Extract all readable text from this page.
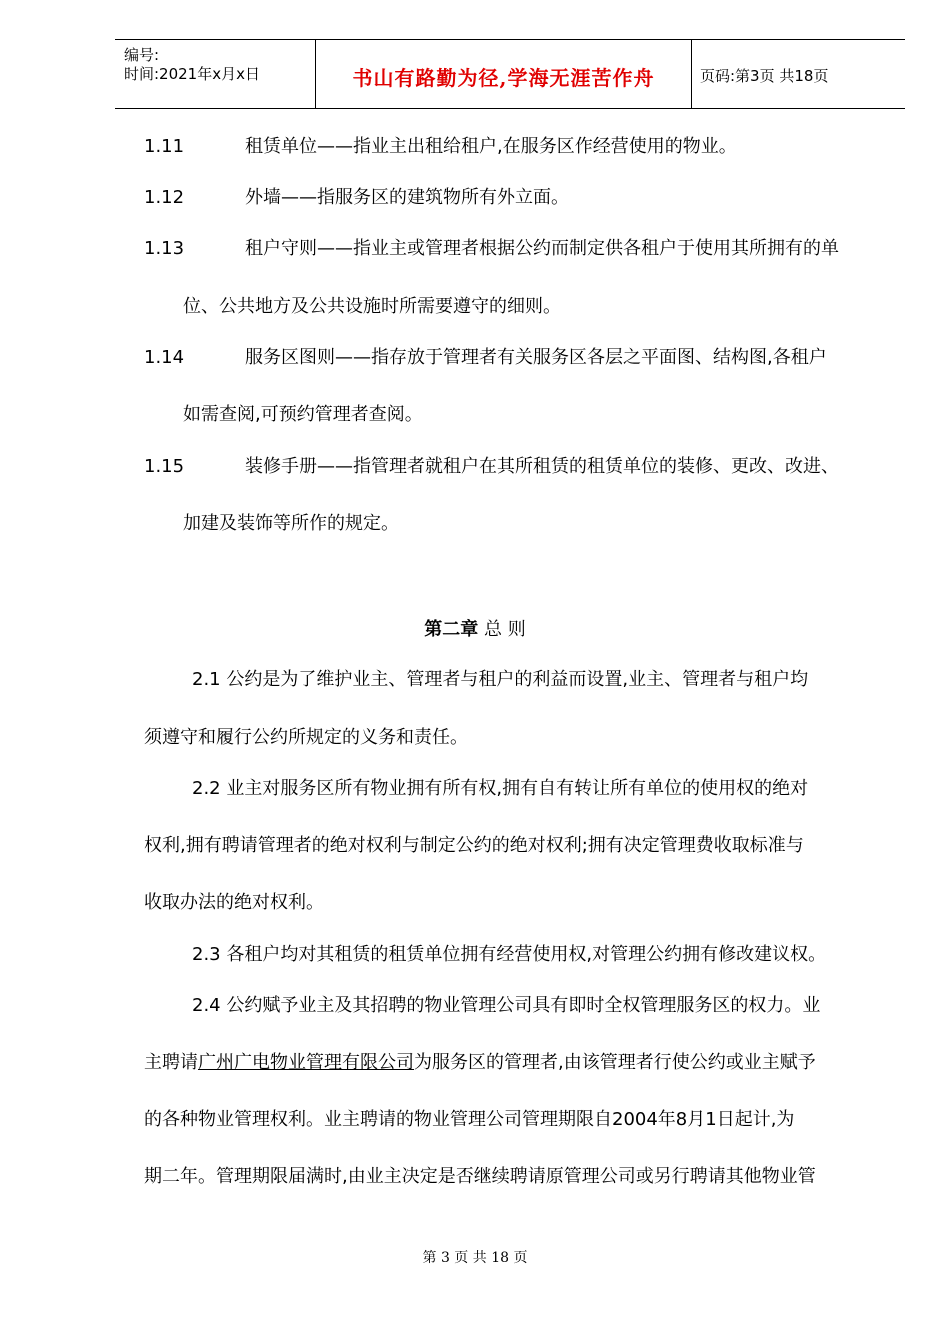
编号:
时间:2021年x月x日	书山有路勤为径,学海无涯苦作舟	页码:第3页 共18页
1.11	租赁单位——指业主出租给租户,在服务区作经营使用的物业。
1.12	外墙——指服务区的建筑物所有外立面。
1.13	租户守则——指业主或管理者根据公约而制定供各租户于使用其所拥有的单
位、公共地方及公共设施时所需要遵守的细则。
1.14	服务区图则——指存放于管理者有关服务区各层之平面图、结构图,各租户
如需查阅,可预约管理者查阅。
1.15	装修手册——指管理者就租户在其所租赁的租赁单位的装修、更改、改进、
加建及装饰等所作的规定。
第二章 总 则
2.1 公约是为了维护业主、管理者与租户的利益而设置,业主、管理者与租户均
须遵守和履行公约所规定的义务和责任。
2.2 业主对服务区所有物业拥有所有权,拥有自有转让所有单位的使用权的绝对
权利,拥有聘请管理者的绝对权利与制定公约的绝对权利;拥有决定管理费收取标准与
收取办法的绝对权利。
2.3 各租户均对其租赁的租赁单位拥有经营使用权,对管理公约拥有修改建议权。
2.4 公约赋予业主及其招聘的物业管理公司具有即时全权管理服务区的权力。业
主聘请广州广电物业管理有限公司为服务区的管理者,由该管理者行使公约或业主赋予
的各种物业管理权利。业主聘请的物业管理公司管理期限自2004年8月1日起计,为
期二年。管理期限届满时,由业主决定是否继续聘请原管理公司或另行聘请其他物业管
第 3 页 共 18 页
